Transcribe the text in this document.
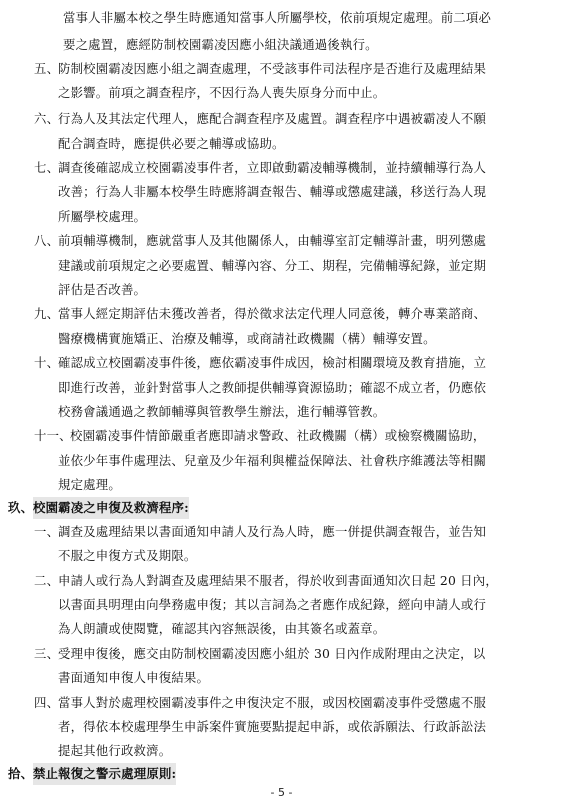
當事人非屬本校之學生時應通知當事人所屬學校，依前項規定處理。前二項必
要之處置，應經防制校園霸凌因應小組決議通過後執行。
五、
防制校園霸凌因應小組之調查處理，不受該事件司法程序是否進行及處理結果
之影響。前項之調查程序，不因行為人喪失原身分而中止。
六、
行為人及其法定代理人，應配合調查程序及處置。調查程序中遇被霸凌人不願
配合調查時，應提供必要之輔導或協助。
七、
調查後確認成立校園霸凌事件者，立即啟動霸凌輔導機制，並持續輔導行為人
改善；行為人非屬本校學生時應將調查報告、輔導或懲處建議，移送行為人現
所屬學校處理。
八、
前項輔導機制，應就當事人及其他關係人，由輔導室訂定輔導計畫，明列懲處
建議或前項規定之必要處置、輔導內容、分工、期程，完備輔導紀錄，並定期
評估是否改善。
九、
當事人經定期評估未獲改善者，得於徵求法定代理人同意後，轉介專業諮商、
醫療機構實施矯正、治療及輔導，或商請社政機關（構）輔導安置。
十、
確認成立校園霸凌事件後，應依霸凌事件成因，檢討相關環境及教育措施，立
即進行改善，並針對當事人之教師提供輔導資源協助；確認不成立者，仍應依
校務會議通過之教師輔導與管教學生辦法，進行輔導管教。
十一、
校園霸凌事件情節嚴重者應即請求警政、社政機關（構）或檢察機關協助，
並依少年事件處理法、兒童及少年福利與權益保障法、社會秩序維護法等相關
規定處理。
玖、 校園霸凌之申復及救濟程序:
一、
調查及處理結果以書面通知申請人及行為人時，應一併提供調查報告，並告知
不服之申復方式及期限。
二、
申請人或行為人對調查及處理結果不服者，得於收到書面通知次日起 20 日內，
以書面具明理由向學務處申復；其以言詞為之者應作成紀錄，經向申請人或行
為人朗讀或使閱覽，確認其內容無誤後，由其簽名或蓋章。
三、
受理申復後，應交由防制校園霸凌因應小組於 30 日內作成附理由之決定，以
書面通知申復人申復結果。
四、
當事人對於處理校園霸凌事件之申復決定不服，或因校園霸凌事件受懲處不服
者，得依本校處理學生申訴案件實施要點提起申訴，或依訴願法、行政訴訟法
提起其他行政救濟。
拾、 禁止報復之警示處理原則:
- 5 -
